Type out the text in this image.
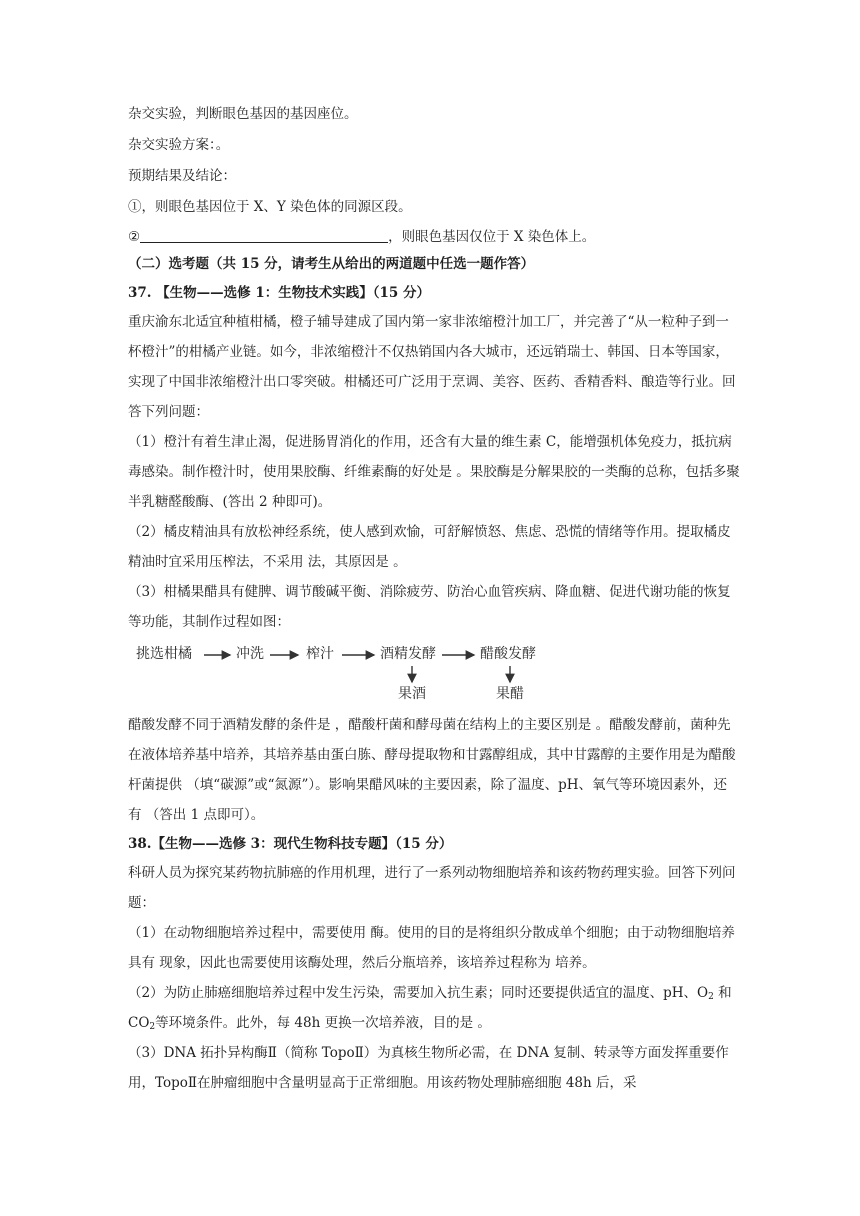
杂交实验，判断眼色基因的基因座位。
杂交实验方案：。
预期结果及结论：
①，则眼色基因位于 X、Y 染色体的同源区段。
②	，则眼色基因仅位于 X 染色体上。
（二）选考题（共 15 分，请考生从给出的两道题中任选一题作答）
37. 【生物——选修 1：生物技术实践】（15 分）
重庆渝东北适宜种植柑橘，橙子辅导建成了国内第一家非浓缩橙汁加工厂，并完善了“从一粒种子到一杯橙汁”的柑橘产业链。如今，非浓缩橙汁不仅热销国内各大城市，还远销瑞士、韩国、日本等国家，实现了中国非浓缩橙汁出口零突破。柑橘还可广泛用于烹调、美容、医药、香精香料、酿造等行业。回答下列问题：
（1）橙汁有着生津止渴，促进肠胃消化的作用，还含有大量的维生素 C，能增强机体免疫力，抵抗病毒感染。制作橙汁时，使用果胶酶、纤维素酶的好处是 。果胶酶是分解果胶的一类酶的总称，包括多聚半乳糖醛酸酶、(答出 2 种即可)。
（2）橘皮精油具有放松神经系统，使人感到欢愉，可舒解愤怒、焦虑、恐慌的情绪等作用。提取橘皮精油时宜采用压榨法，不采用 法，其原因是 。
（3）柑橘果醋具有健脾、调节酸碱平衡、消除疲劳、防治心血管疾病、降血糖、促进代谢功能的恢复等功能，其制作过程如图：
挑选柑橘	冲洗	榨汁	酒精发酵	醋酸发酵
果酒	果醋
醋酸发酵不同于酒精发酵的条件是 ，醋酸杆菌和酵母菌在结构上的主要区别是 。醋酸发酵前，菌种先在液体培养基中培养，其培养基由蛋白胨、酵母提取物和甘露醇组成，其中甘露醇的主要作用是为醋酸杆菌提供 （填“碳源”或“氮源”）。影响果醋风味的主要因素，除了温度、pH、氧气等环境因素外，还有 （答出 1 点即可）。
38.【生物——选修 3：现代生物科技专题】（15 分）
科研人员为探究某药物抗肺癌的作用机理，进行了一系列动物细胞培养和该药物药理实验。回答下列问题：
（1）在动物细胞培养过程中，需要使用 酶。使用的目的是将组织分散成单个细胞；由于动物细胞培养具有 现象，因此也需要使用该酶处理，然后分瓶培养，该培养过程称为 培养。
（2）为防止肺癌细胞培养过程中发生污染，需要加入抗生素；同时还要提供适宜的温度、pH、$O_2$ 和 $CO_2$等环境条件。此外，每 48h 更换一次培养液，目的是 。
（3）DNA 拓扑异构酶Ⅱ（简称 TopoⅡ）为真核生物所必需，在 DNA 复制、转录等方面发挥重要作用，TopoⅡ在肿瘤细胞中含量明显高于正常细胞。用该药物处理肺癌细胞 48h 后，采
